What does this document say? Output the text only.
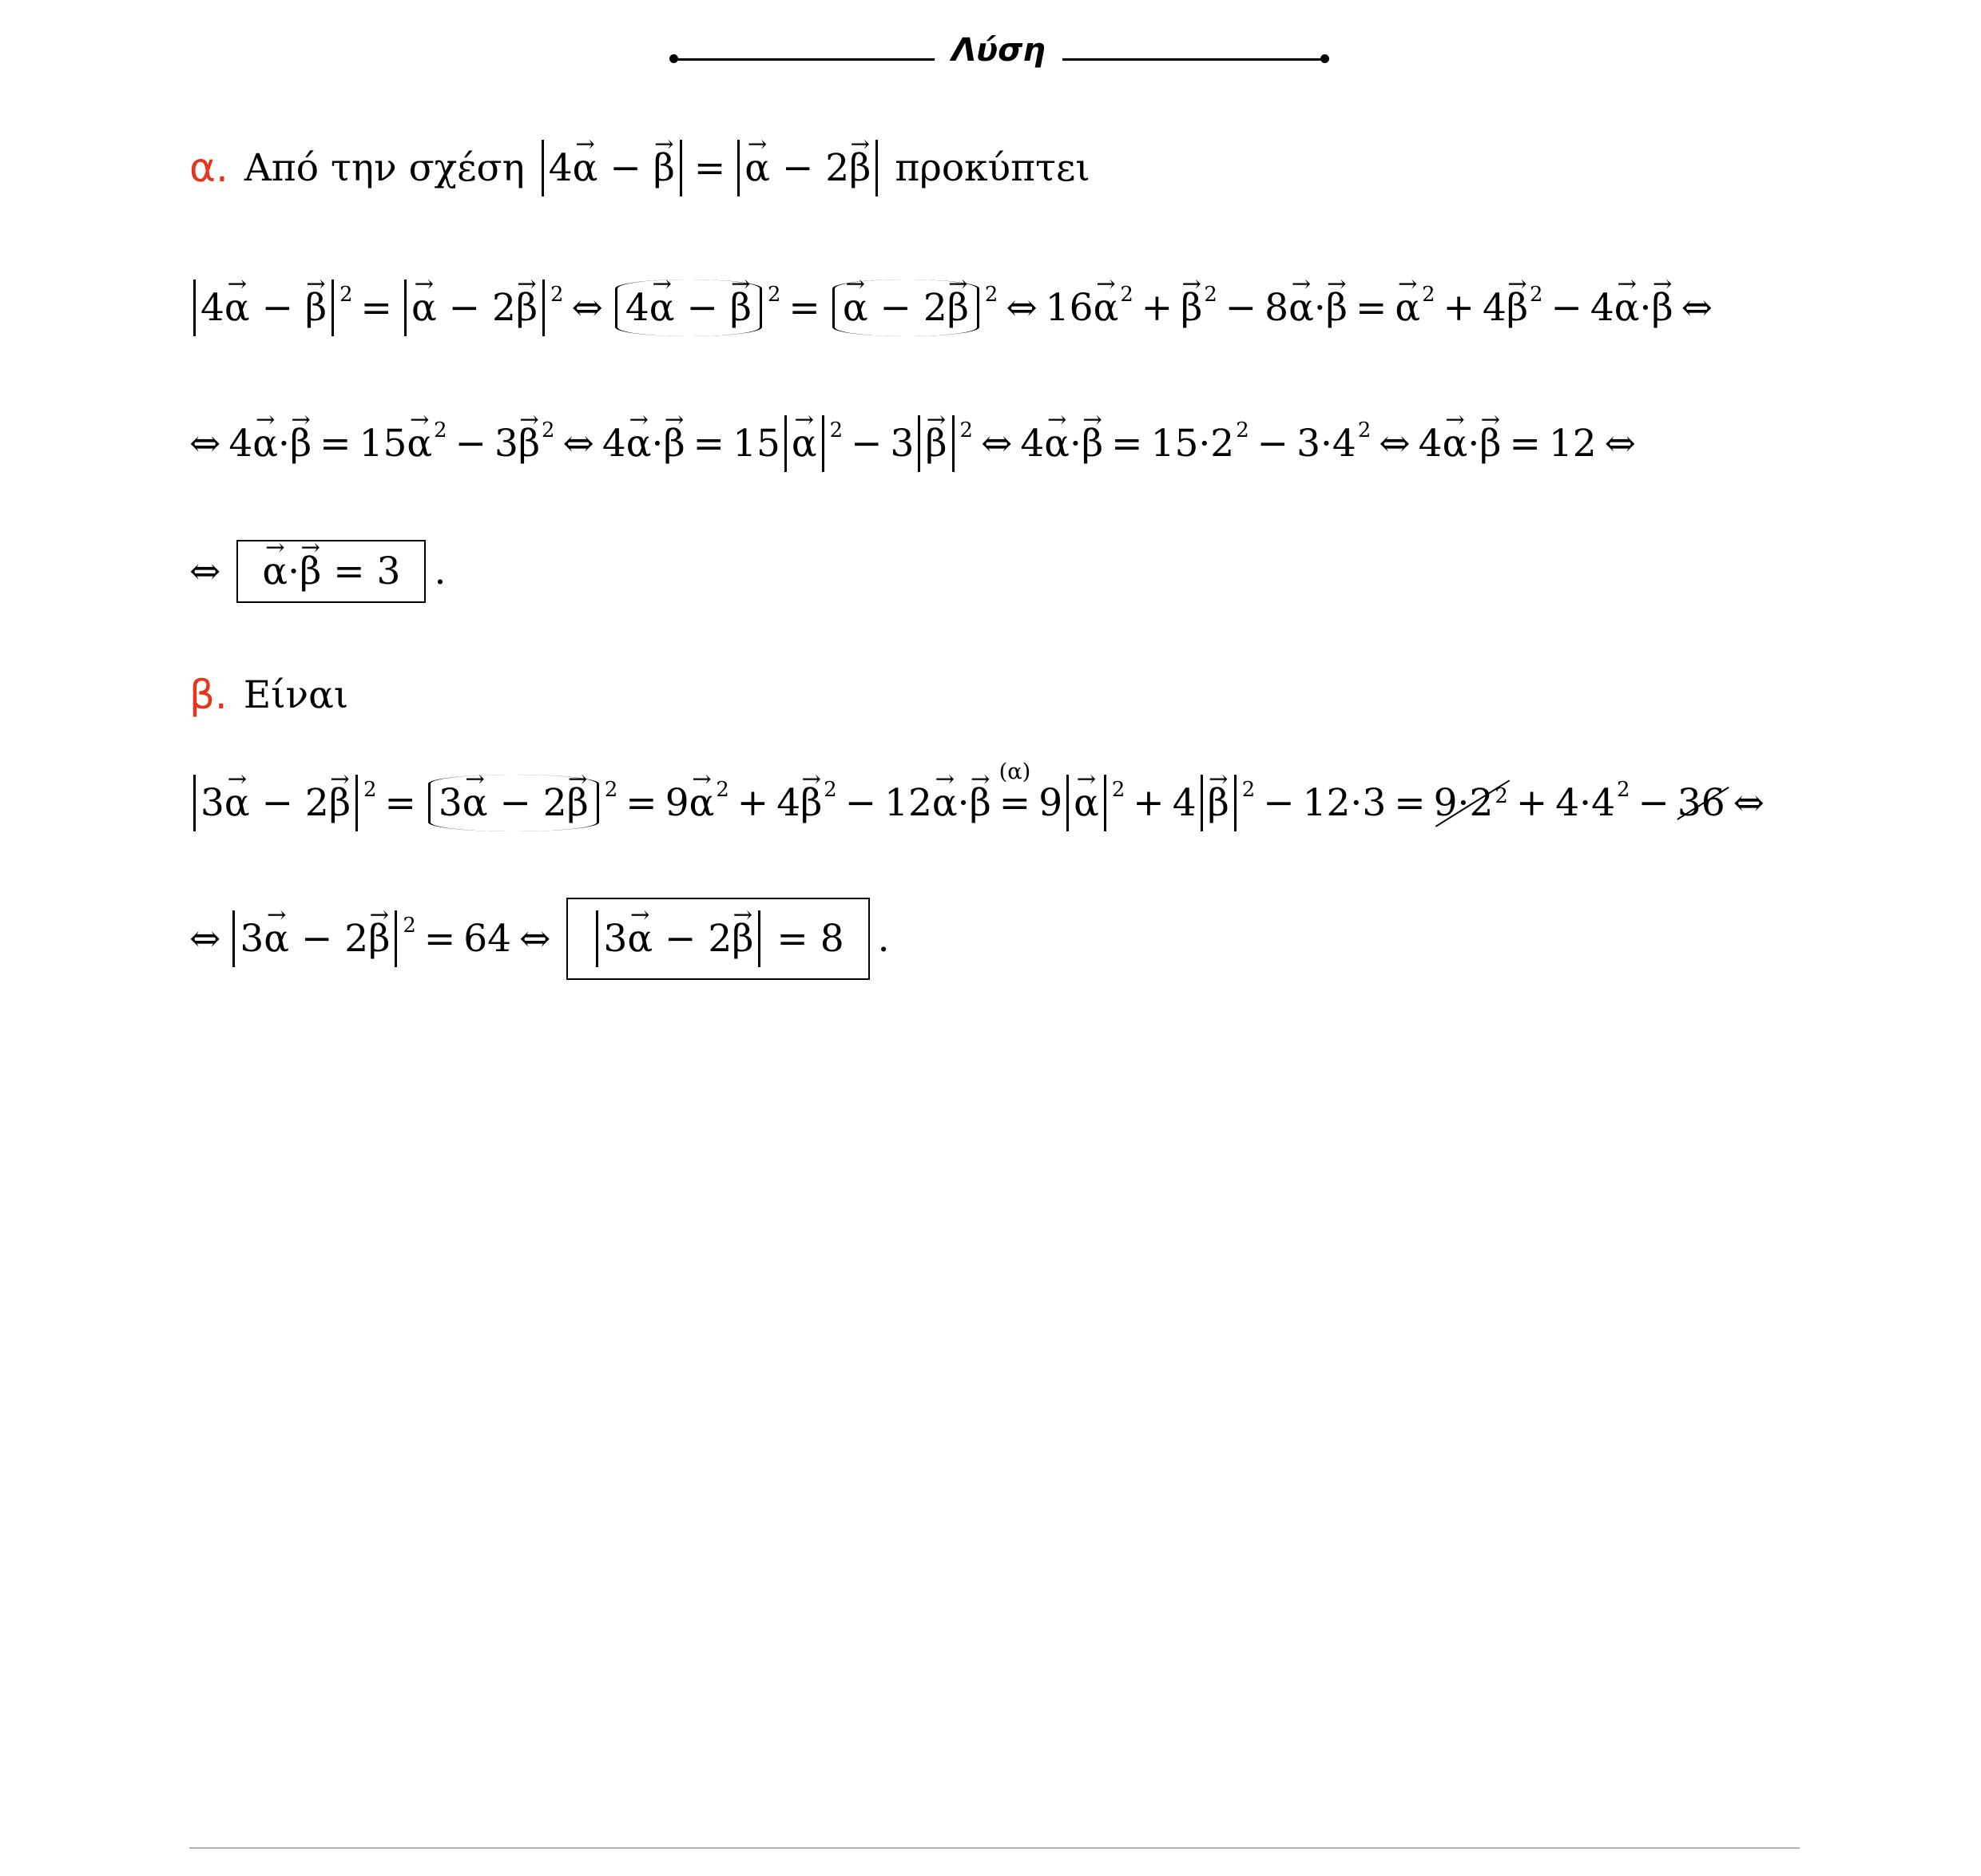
Λύση
α. Από την σχέση 4→ α − → β =
→ α − 2→ β προκύπτει
4→ α − → β $^2$ =
→ α − 2→ β $^2$ ⇔ 4→ α − → β $^2$ =
→ α − 2→ β $^2$ ⇔ 16
→ $\alpha^2$ +
→ $\beta^2 - 8$
→ α ·
→ β =
→ $\alpha^2 + 4$
→ $\beta^2 - 4$
→ α ·
→ β ⇔
⇔ 4
→ α ·
→ β = 15
→ $\alpha^2 - 3$
→ $\beta^2$ ⇔ 4
→ α ·
→ β = 15
→ α $^2$ − 3
→ β $^2$ ⇔ 4
→ α ·
→ $\beta = 15\cdot 2^2 - 3\cdot 4^2$ ⇔ 4
→ α ·
→ β = 12 ⇔
⇔
→	α·→ β = 3 .
β. Είναι
3→ α − 2→ β $^2$ = 3→ α − 2→ β $^2$ = 9
→ $\alpha^2 + 4$
→ $\beta^2 - 12$
→ α ·
→ β =
(α)
9
→ α $^2$ + 4
→ β $^2 - 12\cdot 3 = 9\cdot 2^2 + 4\cdot 4^2 - 36$ ⇔
⇔ 3→ α − 2→ β $^2$ = 64 ⇔	3→ α − 2→ β = 8 .
